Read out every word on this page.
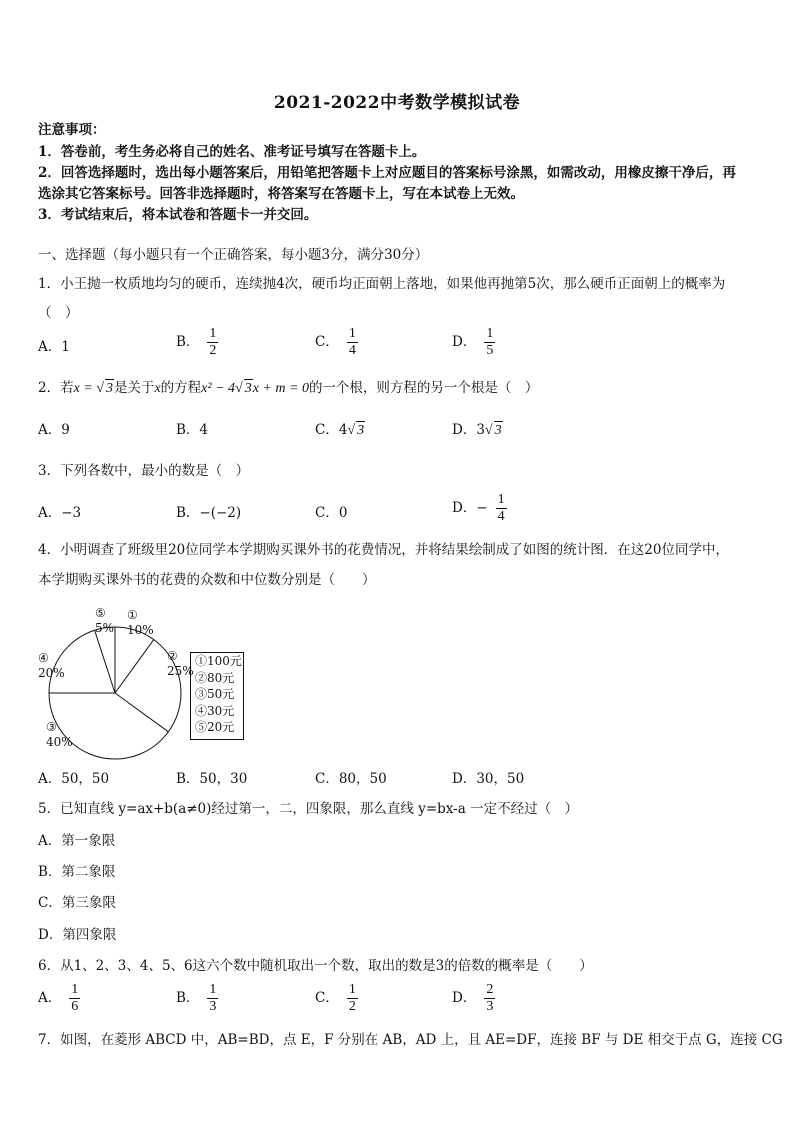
2021-2022中考数学模拟试卷
注意事项：
1．答卷前，考生务必将自己的姓名、准考证号填写在答题卡上。
2．回答选择题时，选出每小题答案后，用铅笔把答题卡上对应题目的答案标号涂黑，如需改动，用橡皮擦干净后，再
选涂其它答案标号。回答非选择题时，将答案写在答题卡上，写在本试卷上无效。
3．考试结束后，将本试卷和答题卡一并交回。
一、选择题（每小题只有一个正确答案，每小题3分，满分30分）
1．小王抛一枚质地均匀的硬币，连续抛4次，硬币均正面朝上落地，如果他再抛第5次，那么硬币正面朝上的概率为
（　）
A．1	B． $\frac{1}{2}$	C． $\frac{1}{4}$	D． $\frac{1}{5}$
2．若x = √ 3是关于x的方程x² − 4√ 3x + m = 0的一个根，则方程的另一个根是（　）
A．9	B．4	C．4√ 3	D．3√ 3
3．下列各数中，最小的数是（　）
A．−3	B．−(−2)	C．0	D．− $\frac{1}{4}$
4．小明调查了班级里20位同学本学期购买课外书的花费情况，并将结果绘制成了如图的统计图．在这20位同学中，
本学期购买课外书的花费的众数和中位数分别是（　　）
⑤
5%
①
10%
②
25%
④
20%
③
40%
①100元
②80元
③50元
④30元
⑤20元
A．50，50	B．50，30	C．80，50	D．30，50
5．已知直线 y=ax+b(a≠0)经过第一，二，四象限，那么直线 y=bx-a 一定不经过（　）
A．第一象限
B．第二象限
C．第三象限
D．第四象限
6．从1、2、3、4、5、6这六个数中随机取出一个数，取出的数是3的倍数的概率是（　　）
A． $\frac{1}{6}$	B． $\frac{1}{3}$	C． $\frac{1}{2}$	D． $\frac{2}{3}$
7．如图，在菱形 ABCD 中，AB=BD，点 E，F 分别在 AB，AD 上，且 AE=DF，连接 BF 与 DE 相交于点 G，连接 CG
